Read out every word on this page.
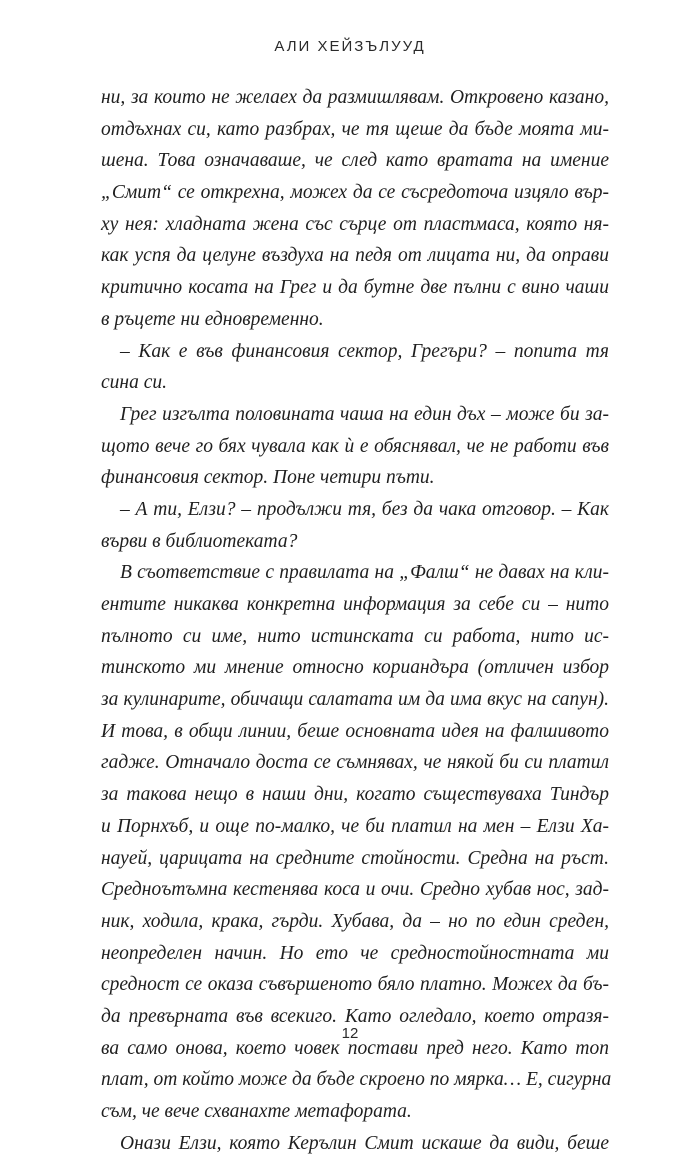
АЛИ ХЕЙЗЪЛУУД
ни, за които не желаех да размишлявам. Откровено казано,
отдъхнах си, като разбрах, че тя щеше да бъде моята ми-
шена. Това означаваше, че след като вратата на имение
„Смит“ се открехна, можех да се съсредоточа изцяло вър-
ху нея: хладната жена със сърце от пластмаса, която ня-
как успя да целуне въздуха на педя от лицата ни, да оправи
критично косата на Грег и да бутне две пълни с вино чаши
в ръцете ни едновременно.
– Как е във финансовия сектор, Грегъри? – попита тя
сина си.
Грег изгълта половината чаша на един дъх – може би за-
щото вече го бях чувала как ѝ е обяснявал, че не работи във
финансовия сектор. Поне четири пъти.
– А ти, Елзи? – продължи тя, без да чака отговор. – Как
върви в библиотеката?
В съответствие с правилата на „Фалш“ не давах на кли-
ентите никаква конкретна информация за себе си – нито
пълното си име, нито истинската си работа, нито ис-
тинското ми мнение относно кориандъра (отличен избор
за кулинарите, обичащи салатата им да има вкус на сапун).
И това, в общи линии, беше основната идея на фалшивото
гадже. Отначало доста се съмнявах, че някой би си платил
за такова нещо в наши дни, когато съществуваха Тиндър
и Порнхъб, и още по-малко, че би платил на мен – Елзи Ха-
науей, царицата на средните стойности. Средна на ръст.
Средноътъмна кестенява коса и очи. Средно хубав нос, зад-
ник, ходила, крака, гърди. Хубава, да – но по един среден,
неопределен начин. Но ето че средностойностната ми
средност се оказа съвършеното бяло платно. Можех да бъ-
да превърната във всекиго. Като огледало, което отразя-
ва само онова, което човек постави пред него. Като топ
плат, от който може да бъде скроено по мярка… Е, сигурна
съм, че вече схванахте метафората.
Онази Елзи, която Керълин Смит искаше да види, беше
12
